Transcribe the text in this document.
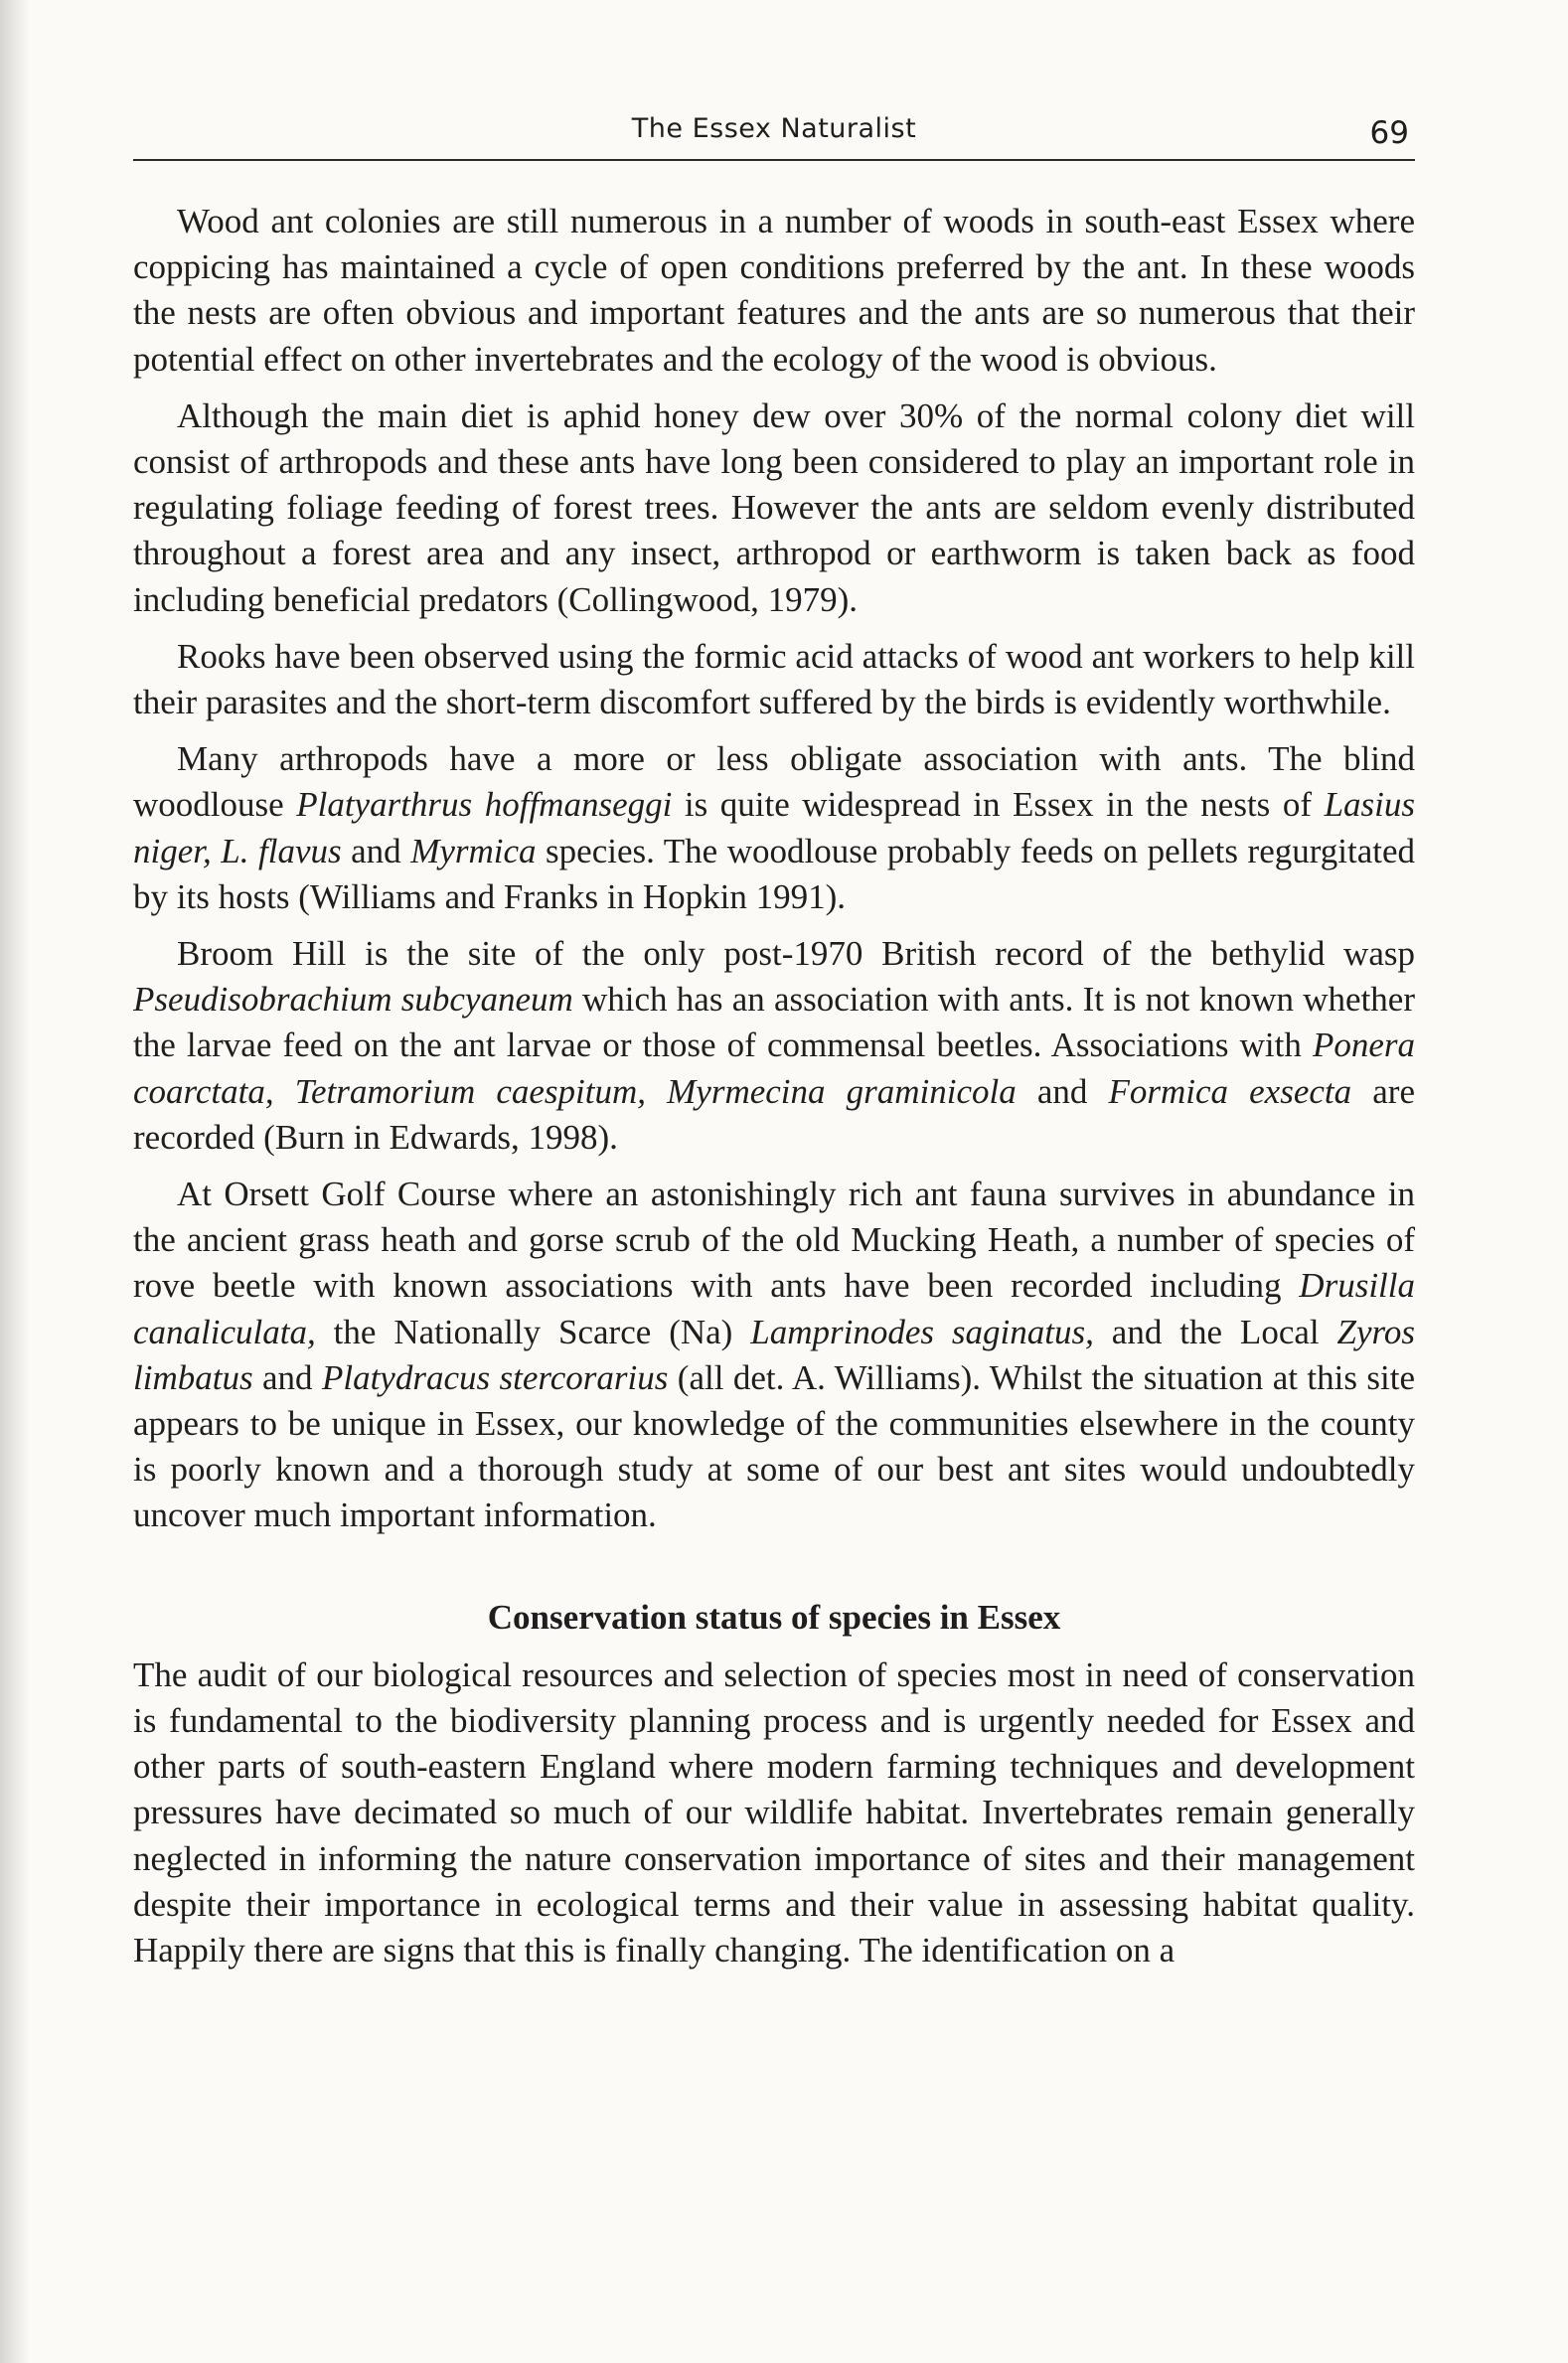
The Essex Naturalist	69

Wood ant colonies are still numerous in a number of woods in south-east Essex where coppicing has maintained a cycle of open conditions preferred by the ant. In these woods the nests are often obvious and important features and the ants are so numerous that their potential effect on other invertebrates and the ecology of the wood is obvious.

Although the main diet is aphid honey dew over 30% of the normal colony diet will consist of arthropods and these ants have long been considered to play an important role in regulating foliage feeding of forest trees. However the ants are seldom evenly distributed throughout a forest area and any insect, arthropod or earthworm is taken back as food including beneficial predators (Collingwood, 1979).

Rooks have been observed using the formic acid attacks of wood ant workers to help kill their parasites and the short-term discomfort suffered by the birds is evidently worthwhile.

Many arthropods have a more or less obligate association with ants. The blind woodlouse Platyarthrus hoffmanseggi is quite widespread in Essex in the nests of Lasius niger, L. flavus and Myrmica species. The woodlouse probably feeds on pellets regurgitated by its hosts (Williams and Franks in Hopkin 1991).

Broom Hill is the site of the only post-1970 British record of the bethylid wasp Pseudisobrachium subcyaneum which has an association with ants. It is not known whether the larvae feed on the ant larvae or those of commensal beetles. Associations with Ponera coarctata, Tetramorium caespitum, Myrmecina graminicola and Formica exsecta are recorded (Burn in Edwards, 1998).

At Orsett Golf Course where an astonishingly rich ant fauna survives in abundance in the ancient grass heath and gorse scrub of the old Mucking Heath, a number of species of rove beetle with known associations with ants have been recorded including Drusilla canaliculata, the Nationally Scarce (Na) Lamprinodes saginatus, and the Local Zyros limbatus and Platydracus stercorarius (all det. A. Williams). Whilst the situation at this site appears to be unique in Essex, our knowledge of the communities elsewhere in the county is poorly known and a thorough study at some of our best ant sites would undoubtedly uncover much important information.

Conservation status of species in Essex

The audit of our biological resources and selection of species most in need of conservation is fundamental to the biodiversity planning process and is urgently needed for Essex and other parts of south-eastern England where modern farming techniques and development pressures have decimated so much of our wildlife habitat. Invertebrates remain generally neglected in informing the nature conservation importance of sites and their management despite their importance in ecological terms and their value in assessing habitat quality. Happily there are signs that this is finally changing. The identification on a
